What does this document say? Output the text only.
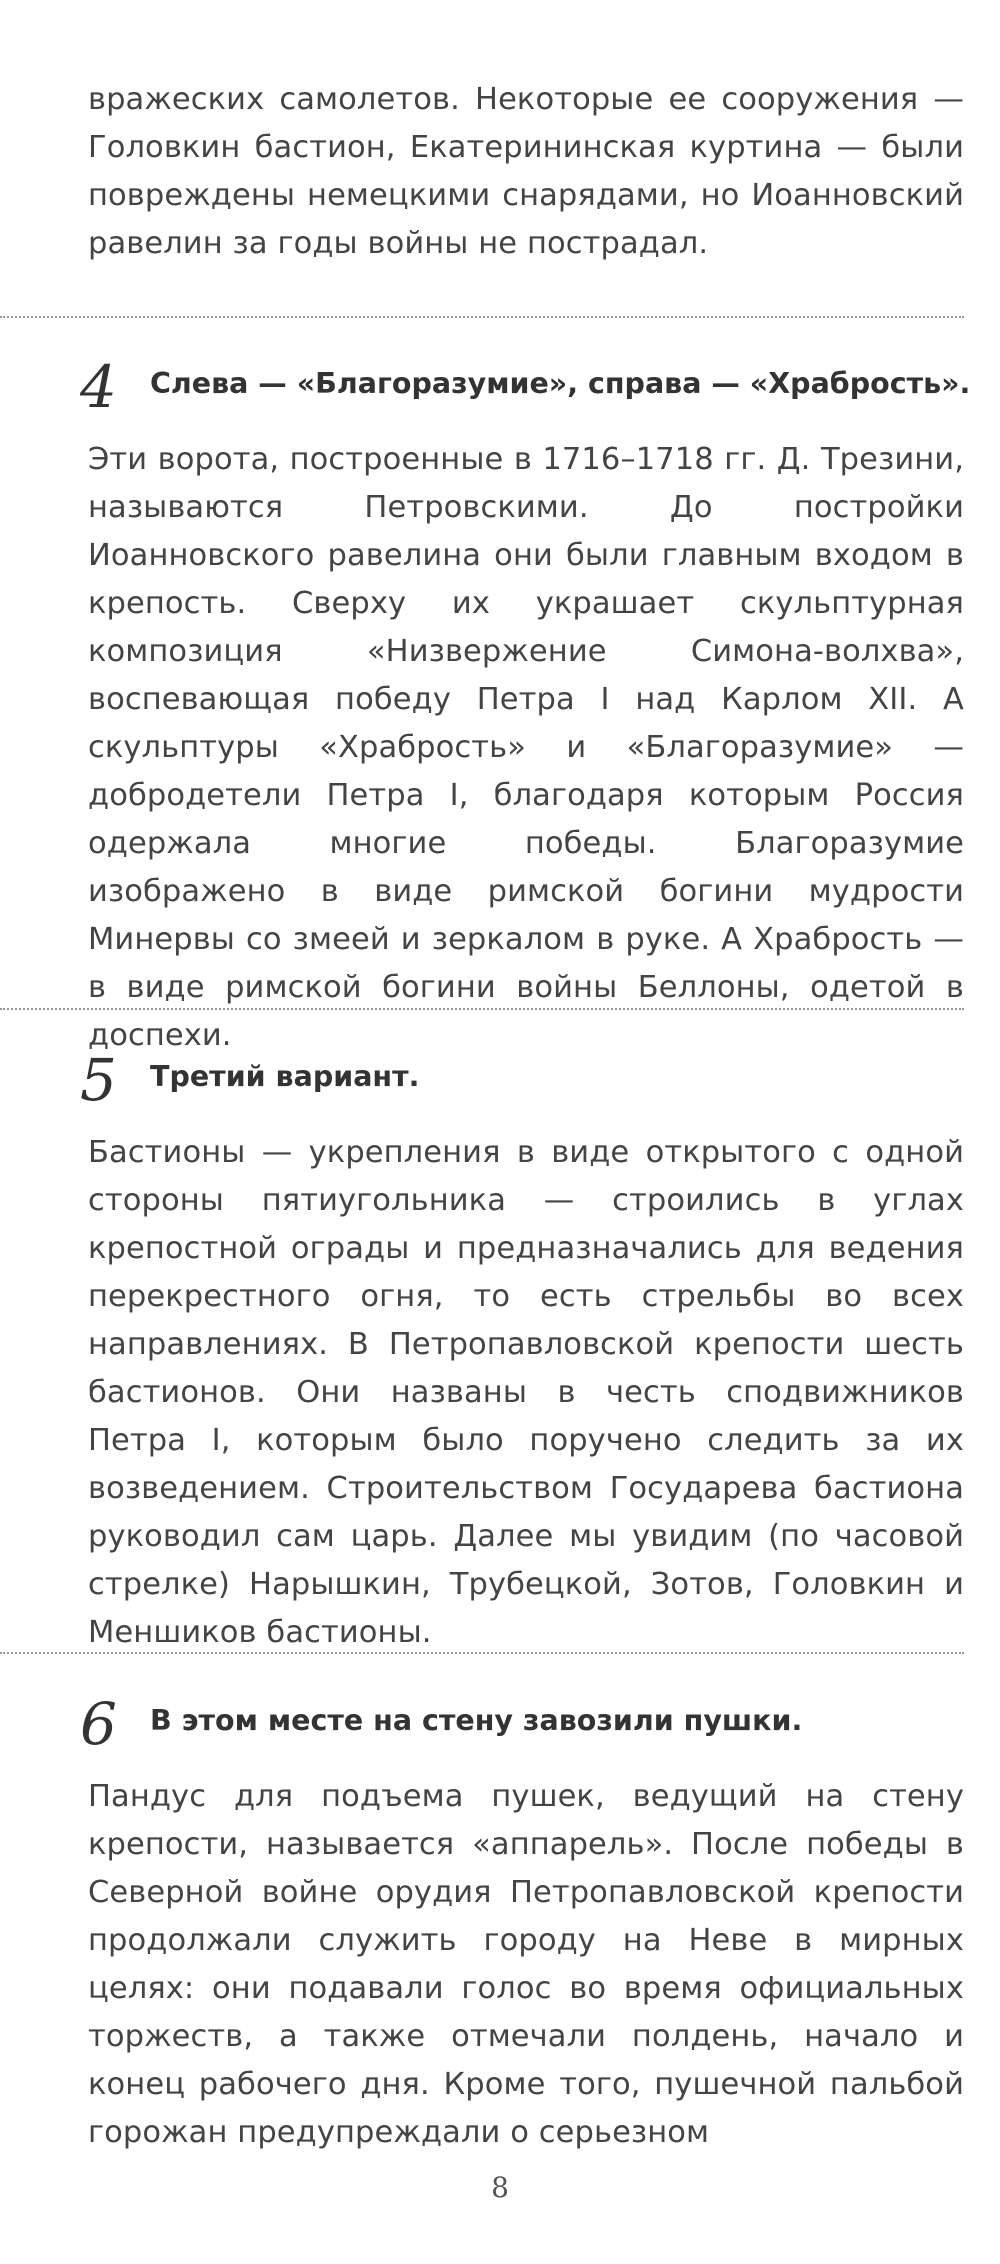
вражеских самолетов. Некоторые ее сооружения — Головкин бастион, Екатерининская куртина — были повреждены немецкими снарядами, но Иоанновский равелин за годы войны не пострадал.

4 Слева — «Благоразумие», справа — «Храбрость».

Эти ворота, построенные в 1716–1718 гг. Д. Трезини, называются Петровскими. До постройки Иоанновского равелина они были главным входом в крепость. Сверху их украшает скульптурная композиция «Низвержение Симона-волхва», воспевающая победу Петра I над Карлом XII. А скульптуры «Храбрость» и «Благоразумие» — добродетели Петра I, благодаря которым Россия одержала многие победы. Благоразумие изображено в виде римской богини мудрости Минервы со змеей и зеркалом в руке. А Храбрость — в виде римской богини войны Беллоны, одетой в доспехи.

5 Третий вариант.

Бастионы — укрепления в виде открытого с одной стороны пятиугольника — строились в углах крепостной ограды и предназначались для ведения перекрестного огня, то есть стрельбы во всех направлениях. В Петропавловской крепости шесть бастионов. Они названы в честь сподвижников Петра I, которым было поручено следить за их возведением. Строительством Государева бастиона руководил сам царь. Далее мы увидим (по часовой стрелке) Нарышкин, Трубецкой, Зотов, Головкин и Меншиков бастионы.

6 В этом месте на стену завозили пушки.

Пандус для подъема пушек, ведущий на стену крепости, называется «аппарель». После победы в Северной войне орудия Петропавловской крепости продолжали служить городу на Неве в мирных целях: они подавали голос во время официальных торжеств, а также отмечали полдень, начало и конец рабочего дня. Кроме того, пушечной пальбой горожан предупреждали о серьезном

8
